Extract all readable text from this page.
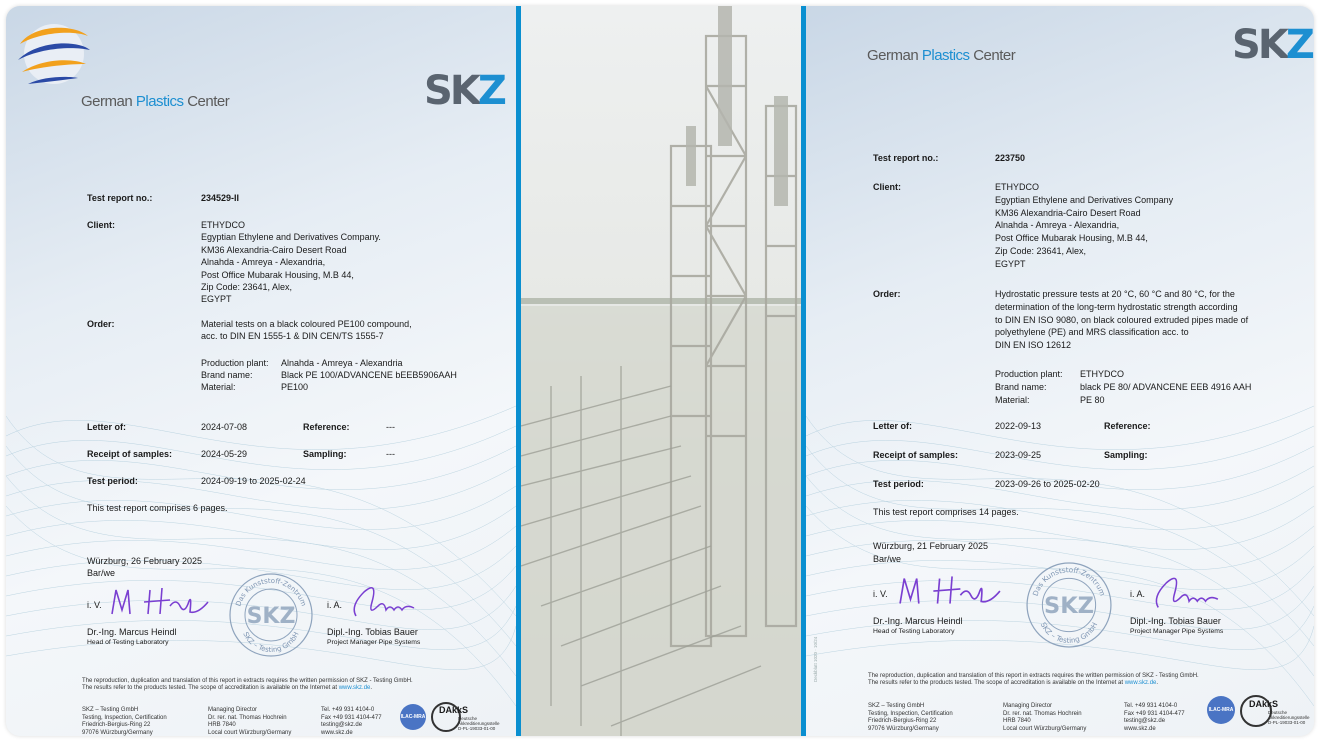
German Plastics Center	SKZ
Test report no.:	234529-II
Client:	ETHYDCO
Egyptian Ethylene and Derivatives Company.
KM36 Alexandria-Cairo Desert Road
Alnahda - Amreya - Alexandria,
Post Office Mubarak Housing, M.B 44,
Zip Code: 23641, Alex,
EGYPT
Order:	Material tests on a black coloured PE100 compound,
acc. to DIN EN 1555-1 & DIN CEN/TS 1555-7
Production plant: Alnahda - Amreya - Alexandria
Brand name:	Black PE 100/ADVANCENE bEEB5906AAH
Material:	PE100
Letter of:	2024-07-08	Reference:	---
Receipt of samples:	2024-05-29	Sampling:	---
Test period:	2024-09-19 to 2025-02-24
This test report comprises 6 pages.
Würzburg, 26 February 2025
Bar/we
i. V.
Dr.-Ing. Marcus Heindl
Head of Testing Laboratory
Das Kunststoff-Zentrum
SKZ – Testing GmbH
SKZ	i. A.
Dipl.-Ing. Tobias Bauer
Project Manager Pipe Systems
The reproduction, duplication and translation of this report in extracts requires the written permission of SKZ - Testing GmbH.
The results refer to the products tested. The scope of accreditation is available on the Internet at www.skz.de.
SKZ – Testing GmbH
Testing, Inspection, Certification
Friedrich-Bergius-Ring 22
97076 Würzburg/Germany
Managing Director
Dr. rer. nat. Thomas Hochrein
HRB 7840
Local court Würzburg/Germany
Tel. +49 931 4104-0
Fax +49 931 4104-477
testing@skz.de
www.skz.de
ILAC-MRA
DAkkS
Deutsche
Akkreditierungsstelle
D-PL-19033-01-00
German Plastics Center	SKZ
Test report no.:	223750
Client:	ETHYDCO
Egyptian Ethylene and Derivatives Company
KM36 Alexandria-Cairo Desert Road
Alnahda - Amreya - Alexandria,
Post Office Mubarak Housing, M.B 44,
Zip Code: 23641, Alex,
EGYPT
Order:	Hydrostatic pressure tests at 20 °C, 60 °C and 80 °C, for the
determination of the long-term hydrostatic strength according
to DIN EN ISO 9080, on black coloured extruded pipes made of
polyethylene (PE) and MRS classification acc. to
DIN EN ISO 12612
Production plant: ETHYDCO
Brand name:	black PE 80/ ADVANCENE EEB 4916 AAH
Material:	PE 80
Letter of:	2022-09-13	Reference:
Receipt of samples:	2023-09-25	Sampling:
Test period:	2023-09-26 to 2025-02-20
This test report comprises 14 pages.
Würzburg, 21 February 2025
Bar/we
i. V.
Dr.-Ing. Marcus Heindl
Head of Testing Laboratory
Das Kunststoff-Zentrum
SKZ – Testing GmbH
SKZ	i. A.
Dipl.-Ing. Tobias Bauer
Project Manager Pipe Systems
The reproduction, duplication and translation of this report in extracts requires the written permission of SKZ - Testing GmbH.
The results refer to the products tested. The scope of accreditation is available on the Internet at www.skz.de.
Deckblatt 1020 · 10/24
SKZ – Testing GmbH
Testing, Inspection, Certification
Friedrich-Bergius-Ring 22
97076 Würzburg/Germany
Managing Director
Dr. rer. nat. Thomas Hochrein
HRB 7840
Local court Würzburg/Germany
Tel. +49 931 4104-0
Fax +49 931 4104-477
testing@skz.de
www.skz.de
ILAC-MRA
DAkkS
Deutsche
Akkreditierungsstelle
D-PL-19033-01-00
